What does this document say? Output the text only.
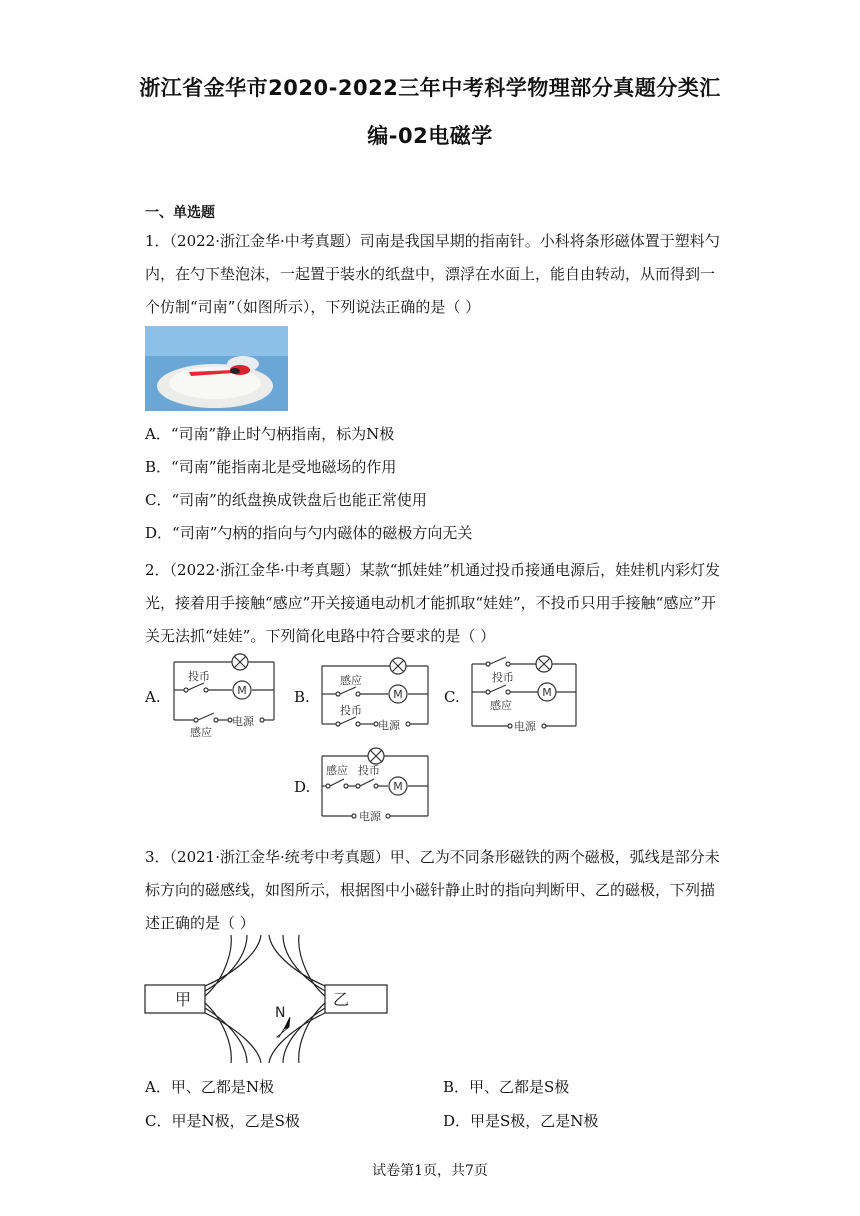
浙江省金华市2020-2022三年中考科学物理部分真题分类汇
编-02电磁学
一、单选题
1．（2022·浙江金华·中考真题）司南是我国早期的指南针。小科将条形磁体置于塑料勺
内，在勺下垫泡沫，一起置于装水的纸盘中，漂浮在水面上，能自由转动，从而得到一
个仿制“司南”（如图所示），下列说法正确的是（ ）
A．“司南”静止时勺柄指南，标为N极
B．“司南”能指南北是受地磁场的作用
C．“司南”的纸盘换成铁盘后也能正常使用
D．“司南”勺柄的指向与勺内磁体的磁极方向无关
2．（2022·浙江金华·中考真题）某款“抓娃娃”机通过投币接通电源后，娃娃机内彩灯发
光，接着用手接触“感应”开关接通电动机才能抓取“娃娃”，不投币只用手接触“感应”开
关无法抓“娃娃”。下列简化电路中符合要求的是（ ）
A.	B.	C.
D.
M
投币
感应
电源
M
感应
投币
电源
M
投币
感应
电源
M
感应 投币
电源
3．（2021·浙江金华·统考中考真题）甲、乙为不同条形磁铁的两个磁极，弧线是部分未
标方向的磁感线，如图所示，根据图中小磁针静止时的指向判断甲、乙的磁极，下列描
述正确的是（ ）
甲	乙
N
A．甲、乙都是N极	B．甲、乙都是S极
C．甲是N极，乙是S极	D．甲是S极，乙是N极
试卷第1页，共7页
